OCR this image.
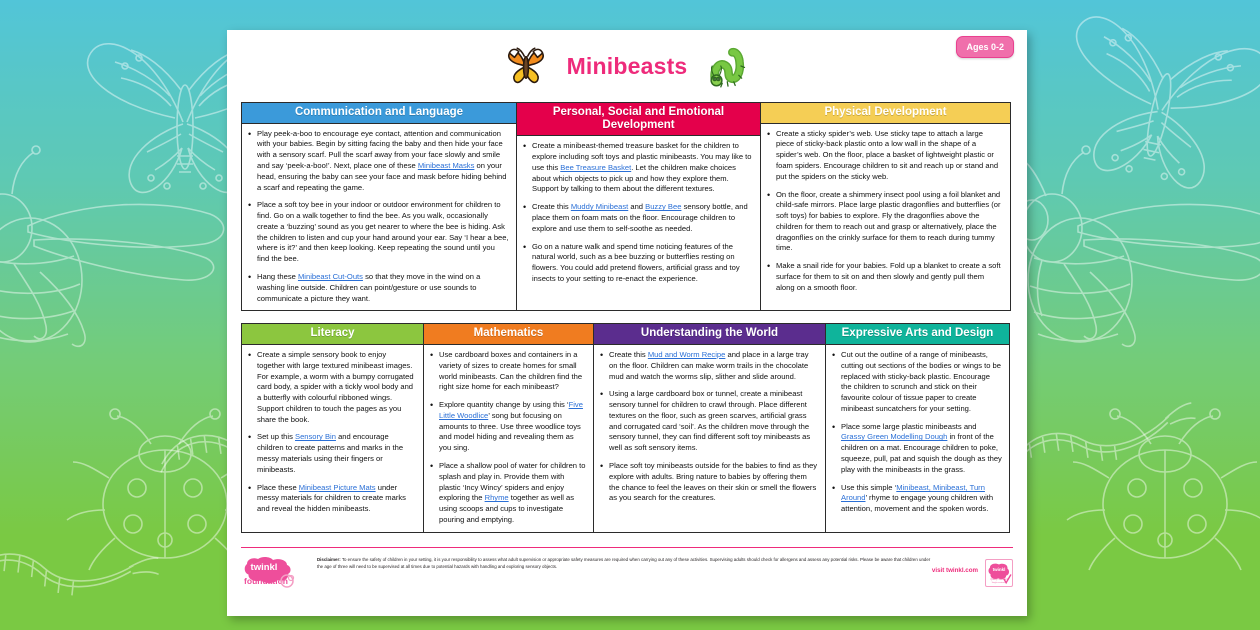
Minibeasts
Ages 0-2
Communication and Language
• Play peek-a-boo to encourage eye contact, attention and communication with your babies. Begin by sitting facing the baby and then hide your face with a sensory scarf. Pull the scarf away from your face slowly and smile and say ‘peek-a-boo!’. Next, place one of these Minibeast Masks on your head, ensuring the baby can see your face and mask before hiding behind a scarf and repeating the game.
• Place a soft toy bee in your indoor or outdoor environment for children to find. Go on a walk together to find the bee. As you walk, occasionally create a ‘buzzing’ sound as you get nearer to where the bee is hiding. Ask the children to listen and cup your hand around your ear. Say ‘I hear a bee, where is it?’ and then keep looking. Keep repeating the sound until you find the bee.
• Hang these Minibeast Cut-Outs so that they move in the wind on a washing line outside. Children can point/gesture or use sounds to communicate a picture they want.
Personal, Social and Emotional Development
• Create a minibeast-themed treasure basket for the children to explore including soft toys and plastic minibeasts. You may like to use this Bee Treasure Basket. Let the children make choices about which objects to pick up and how they explore them. Support by talking to them about the different textures.
• Create this Muddy Minibeast and Buzzy Bee sensory bottle, and place them on foam mats on the floor. Encourage children to explore and use them to self-soothe as needed.
• Go on a nature walk and spend time noticing features of the natural world, such as a bee buzzing or butterflies resting on flowers. You could add pretend flowers, artificial grass and toy insects to your setting to re-enact the experience.
Physical Development
• Create a sticky spider’s web. Use sticky tape to attach a large piece of sticky-back plastic onto a low wall in the shape of a spider’s web. On the floor, place a basket of lightweight plastic or foam spiders. Encourage children to sit and reach up or stand and put the spiders on the sticky web.
• On the floor, create a shimmery insect pool using a foil blanket and child-safe mirrors. Place large plastic dragonflies and butterflies (or soft toys) for babies to explore. Fly the dragonflies above the children for them to reach out and grasp or alternatively, place the dragonflies on the crinkly surface for them to reach during tummy time.
• Make a snail ride for your babies. Fold up a blanket to create a soft surface for them to sit on and then slowly and gently pull them along on a smooth floor.
Literacy
• Create a simple sensory book to enjoy together with large textured minibeast images. For example, a worm with a bumpy corrugated card body, a spider with a tickly wool body and a butterfly with colourful ribboned wings. Support children to touch the pages as you share the book.
• Set up this Sensory Bin and encourage children to create patterns and marks in the messy materials using their fingers or minibeasts.
• Place these Minibeast Picture Mats under messy materials for children to create marks and reveal the hidden minibeasts.
Mathematics
• Use cardboard boxes and containers in a variety of sizes to create homes for small world minibeasts. Can the children find the right size home for each minibeast?
• Explore quantity change by using this ‘Five Little Woodlice’ song but focusing on amounts to three. Use three woodlice toys and model hiding and revealing them as you sing.
• Place a shallow pool of water for children to splash and play in. Provide them with plastic ‘Incy Wincy’ spiders and enjoy exploring the Rhyme together as well as using scoops and cups to investigate pouring and emptying.
Understanding the World
• Create this Mud and Worm Recipe and place in a large tray on the floor. Children can make worm trails in the chocolate mud and watch the worms slip, slither and slide around.
• Using a large cardboard box or tunnel, create a minibeast sensory tunnel for children to crawl through. Place different textures on the floor, such as green scarves, artificial grass and corrugated card ‘soil’. As the children move through the sensory tunnel, they can find different soft toy minibeasts as well as soft sensory items.
• Place soft toy minibeasts outside for the babies to find as they explore with adults. Bring nature to babies by offering them the chance to feel the leaves on their skin or smell the flowers as you search for the creatures.
Expressive Arts and Design
• Cut out the outline of a range of minibeasts, cutting out sections of the bodies or wings to be replaced with sticky-back plastic. Encourage the children to scrunch and stick on their favourite colour of tissue paper to create minibeast suncatchers for your setting.
• Place some large plastic minibeasts and Grassy Green Modelling Dough in front of the children on a mat. Encourage children to poke, squeeze, pull, pat and squish the dough as they play with the minibeasts in the grass.
• Use this simple ‘Minibeast, Minibeast, Turn Around’ rhyme to engage young children with attention, movement and the spoken words.
twinkl
foundation
Disclaimer: To ensure the safety of children in your setting, it is your responsibility to assess what adult supervision or appropriate safety measures are required when carrying out any of these activities. Supervising adults should check for allergens and assess any potential risks. Please be aware that children under the age of three will need to be supervised at all times due to potential hazards with handling and exploring sensory objects.
visit twinkl.com twinkl
Quality Standard
Single-reviewed
